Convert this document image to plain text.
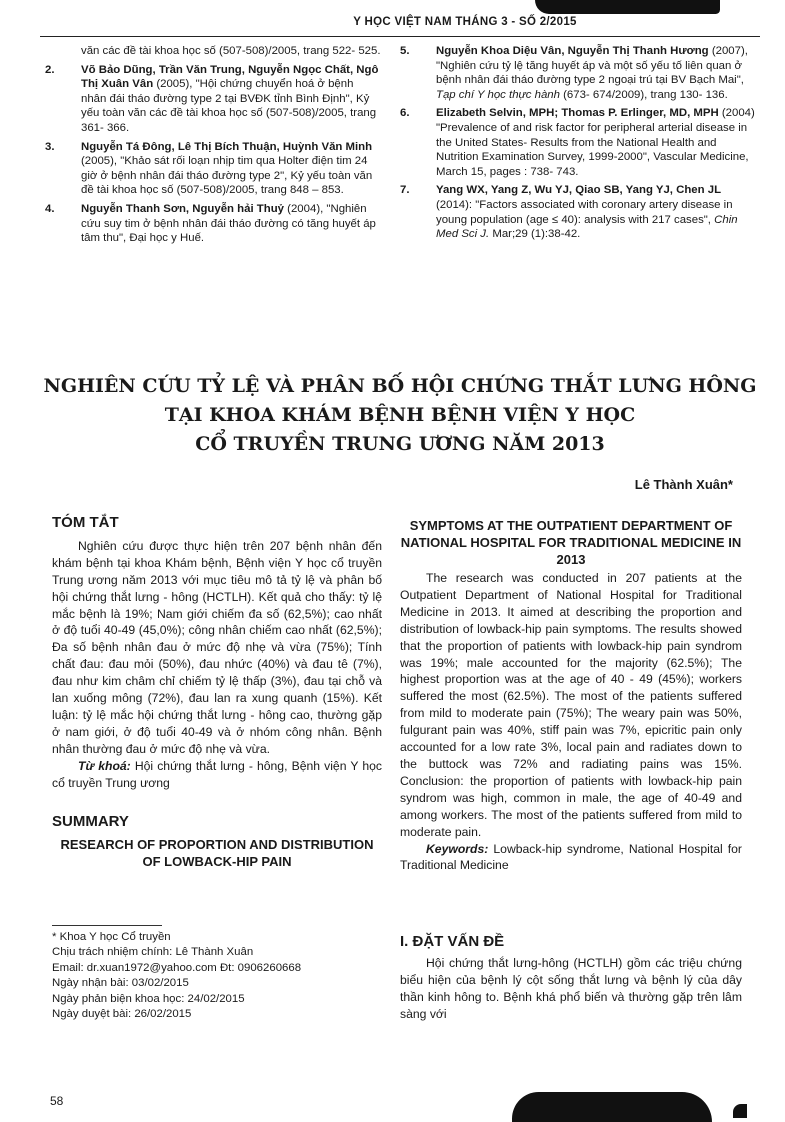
Y HỌC VIỆT NAM THÁNG 3 - SỐ 2/2015
văn các đề tài khoa học số (507-508)/2005, trang 522- 525.
2.	Võ Bảo Dũng, Trần Văn Trung, Nguyễn Ngọc Chất, Ngô Thị Xuân Vân (2005), "Hội chứng chuyển hoá ở bệnh nhân đái tháo đường type 2 tại BVĐK tỉnh Bình Định", Kỷ yếu toàn văn các đề tài khoa học số (507-508)/2005, trang 361- 366.
3.	Nguyễn Tá Đông, Lê Thị Bích Thuận, Huỳnh Văn Minh (2005), "Khảo sát rối loạn nhịp tim qua Holter điện tim 24 giờ ở bệnh nhân đái tháo đường type 2", Kỷ yếu toàn văn đề tài khoa học số (507-508)/2005, trang 848 – 853.
4.	Nguyễn Thanh Sơn, Nguyễn hải Thuỷ (2004), "Nghiên cứu suy tim ở bệnh nhân đái tháo đường có tăng huyết áp tâm thu", Đại học y Huế.
5.	Nguyễn Khoa Diệu Vân, Nguyễn Thị Thanh Hương (2007), "Nghiên cứu tỷ lệ tăng huyết áp và một số yếu tố liên quan ở bệnh nhân đái tháo đường type 2 ngoại trú tại BV Bạch Mai", Tạp chí Y học thực hành (673- 674/2009), trang 130- 136.
6.	Elizabeth Selvin, MPH; Thomas P. Erlinger, MD, MPH (2004) "Prevalence of and risk factor for peripheral arterial disease in the United States- Results from the National Health and Nutrition Examination Survey, 1999-2000", Vascular Medicine, March 15, pages : 738- 743.
7.	Yang WX, Yang Z, Wu YJ, Qiao SB, Yang YJ, Chen JL (2014): "Factors associated with coronary artery disease in young population (age ≤ 40): analysis with 217 cases", Chin Med Sci J. Mar;29 (1):38-42.
NGHIÊN CỨU TỶ LỆ VÀ PHÂN BỐ HỘI CHỨNG THẮT LƯNG HÔNG
TẠI KHOA KHÁM BỆNH BỆNH VIỆN Y HỌC
CỔ TRUYỀN TRUNG ƯƠNG NĂM 2013
Lê Thành Xuân*
TÓM TẮT

Nghiên cứu được thực hiện trên 207 bệnh nhân đến khám bệnh tại khoa Khám bệnh, Bệnh viện Y học cổ truyền Trung ương năm 2013 với mục tiêu mô tả tỷ lệ và phân bố hội chứng thắt lưng - hông (HCTLH). Kết quả cho thấy: tỷ lệ mắc bệnh là 19%; Nam giới chiếm đa số (62,5%); cao nhất ở độ tuổi 40-49 (45,0%); công nhân chiếm cao nhất (62,5%); Đa số bệnh nhân đau ở mức độ nhẹ và vừa (75%); Tính chất đau: đau mỏi (50%), đau nhức (40%) và đau tê (7%), đau như kim châm chỉ chiếm tỷ lệ thấp (3%), đau tại chỗ và lan xuống mông (72%), đau lan ra xung quanh (15%). Kết luận: tỷ lệ mắc hội chứng thắt lưng - hông cao, thường gặp ở nam giới, ở độ tuổi 40-49 và ở nhóm công nhân. Bệnh nhân thường đau ở mức độ nhẹ và vừa.

Từ khoá: Hội chứng thắt lưng - hông, Bệnh viện Y học cổ truyền Trung ương

SUMMARY
RESEARCH OF PROPORTION AND DISTRIBUTION OF LOWBACK-HIP PAIN
SYMPTOMS AT THE OUTPATIENT DEPARTMENT OF NATIONAL HOSPITAL FOR TRADITIONAL MEDICINE IN 2013

The research was conducted in 207 patients at the Outpatient Department of National Hospital for Traditional Medicine in 2013. It aimed at describing the proportion and distribution of lowback-hip pain symptoms. The results showed that the proportion of patients with lowback-hip pain syndrom was 19%; male accounted for the majority (62.5%); The highest proportion was at the age of 40 - 49 (45%); workers suffered the most (62.5%). The most of the patients suffered from mild to moderate pain (75%); The weary pain was 50%, fulgurant pain was 40%, stiff pain was 7%, epicritic pain only accounted for a low rate 3%, local pain and radiates down to the buttock was 72% and radiating pains was 15%. Conclusion: the proportion of patients with lowback-hip pain syndrom was high, common in male, the age of 40-49 and among workers. The most of the patients suffered from mild to moderate pain.

Keywords: Lowback-hip syndrome, National Hospital for Traditional Medicine

* Khoa Y học Cổ truyền
Chịu trách nhiệm chính: Lê Thành Xuân
Email: dr.xuan1972@yahoo.com Đt: 0906260668
Ngày nhận bài: 03/02/2015
Ngày phản biện khoa học: 24/02/2015
Ngày duyệt bài: 26/02/2015
I. ĐẶT VẤN ĐỀ

Hội chứng thắt lưng-hông (HCTLH) gồm các triệu chứng biểu hiện của bệnh lý cột sống thắt lưng và bệnh lý của dây thần kinh hông to. Bệnh khá phổ biến và thường gặp trên lâm sàng với

58
